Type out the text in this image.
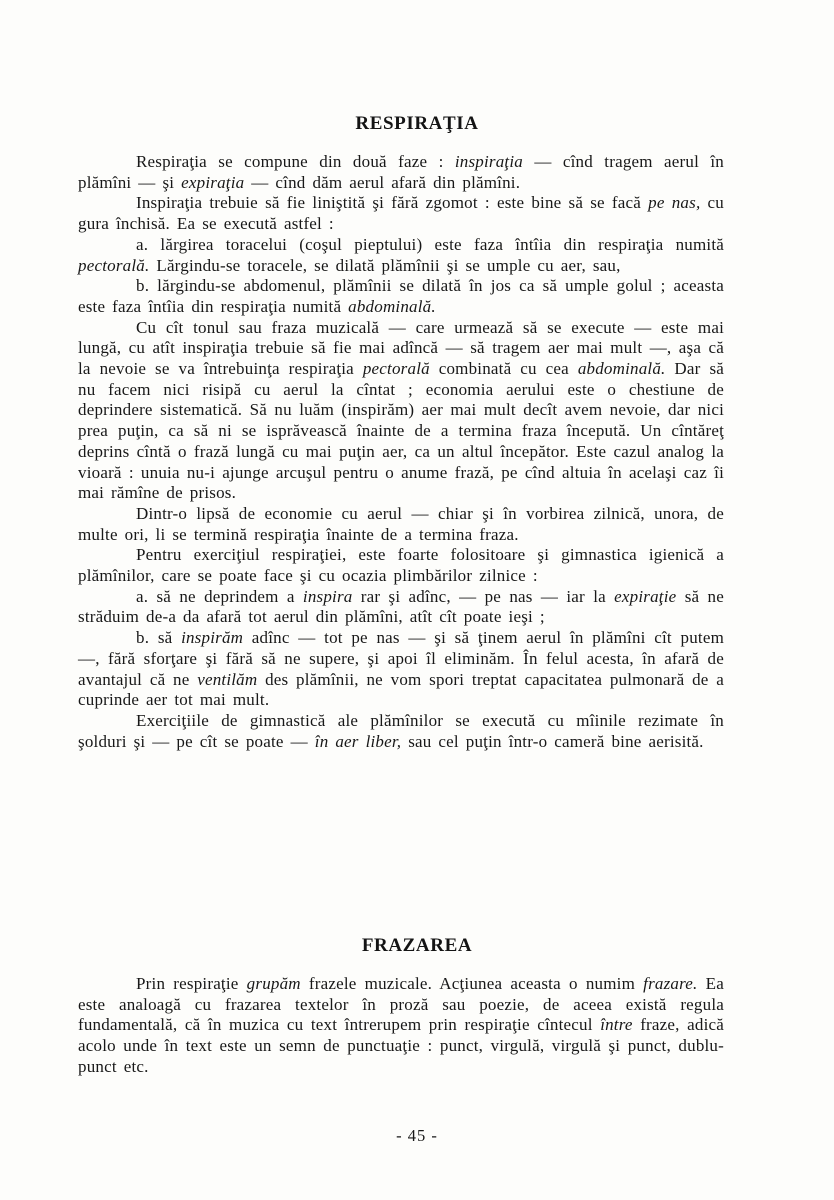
RESPIRAŢIA

Respiraţia se compune din două faze : inspiraţia — cînd tragem aerul în plămîni — şi expiraţia — cînd dăm aerul afară din plămîni.

Inspiraţia trebuie să fie liniştită şi fără zgomot : este bine să se facă pe nas, cu gura închisă. Ea se execută astfel :

a. lărgirea toracelui (coşul pieptului) este faza întîia din respiraţia numită pectorală. Lărgindu-se toracele, se dilată plămînii şi se umple cu aer, sau,

b. lărgindu-se abdomenul, plămînii se dilată în jos ca să umple golul ; aceasta este faza întîia din respiraţia numită abdominală.

Cu cît tonul sau fraza muzicală — care urmează să se execute — este mai lungă, cu atît inspiraţia trebuie să fie mai adîncă — să tragem aer mai mult —, aşa că la nevoie se va întrebuinţa respiraţia pectorală combinată cu cea abdominală. Dar să nu facem nici risipă cu aerul la cîntat ; economia aerului este o chestiune de deprindere sistematică. Să nu luăm (inspirăm) aer mai mult decît avem nevoie, dar nici prea puţin, ca să ni se isprăvească înainte de a termina fraza începută. Un cîntăreţ deprins cîntă o frază lungă cu mai puţin aer, ca un altul începător. Este cazul analog la vioară : unuia nu-i ajunge arcuşul pentru o anume frază, pe cînd altuia în acelaşi caz îi mai rămîne de prisos.

Dintr-o lipsă de economie cu aerul — chiar şi în vorbirea zilnică, unora, de multe ori, li se termină respiraţia înainte de a termina fraza.

Pentru exerciţiul respiraţiei, este foarte folositoare şi gimnastica igienică a plămînilor, care se poate face şi cu ocazia plimbărilor zilnice :

a. să ne deprindem a inspira rar şi adînc, — pe nas — iar la expiraţie să ne străduim de-a da afară tot aerul din plămîni, atît cît poate ieşi ;

b. să inspirăm adînc — tot pe nas — şi să ţinem aerul în plămîni cît putem —, fără sforţare şi fără să ne supere, şi apoi îl eliminăm. În felul acesta, în afară de avantajul că ne ventilăm des plămînii, ne vom spori treptat capacitatea pulmonară de a cuprinde aer tot mai mult.

Exerciţiile de gimnastică ale plămînilor se execută cu mîinile rezimate în şolduri şi — pe cît se poate — în aer liber, sau cel puţin într-o cameră bine aerisită.

FRAZAREA

Prin respiraţie grupăm frazele muzicale. Acţiunea aceasta o numim frazare. Ea este analoagă cu frazarea textelor în proză sau poezie, de aceea există regula fundamentală, că în muzica cu text întrerupem prin respiraţie cîntecul între fraze, adică acolo unde în text este un semn de punctuaţie : punct, virgulă, virgulă şi punct, dublu-punct etc.

- 45 -
